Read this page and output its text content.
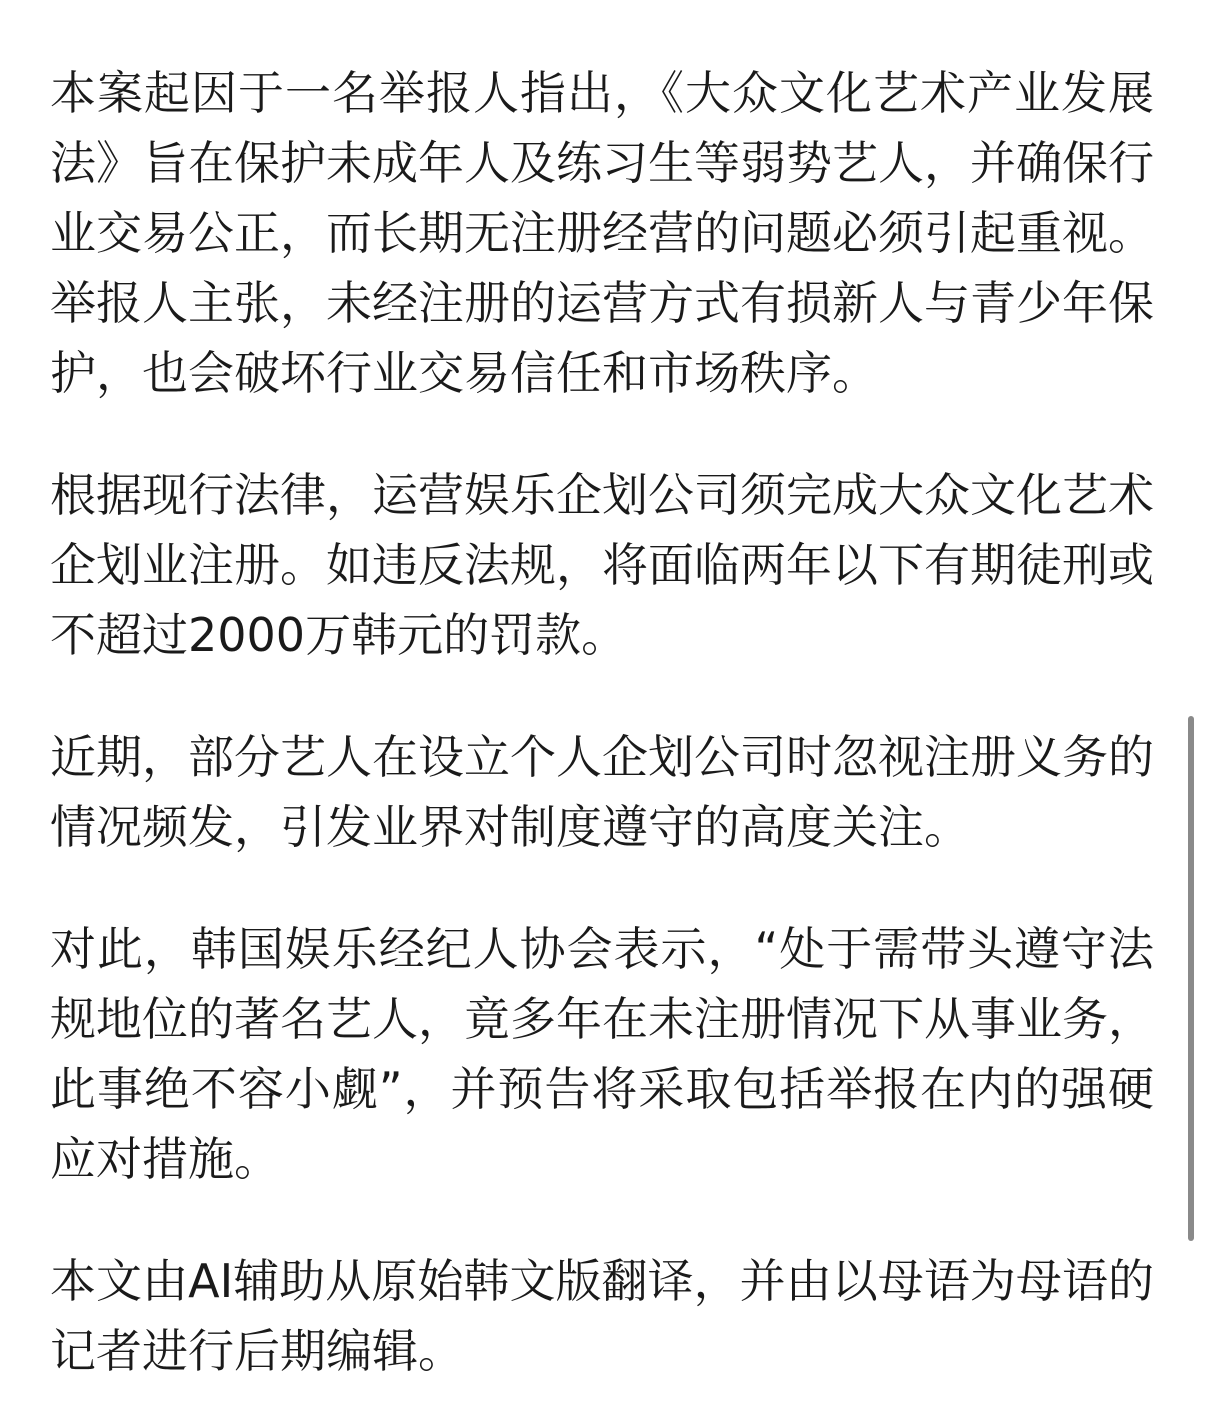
本案起因于一名举报人指出，《大众文化艺术产业发展法》旨在保护未成年人及练习生等弱势艺人，并确保行业交易公正，而长期无注册经营的问题必须引起重视。举报人主张，未经注册的运营方式有损新人与青少年保护，也会破坏行业交易信任和市场秩序。

根据现行法律，运营娱乐企划公司须完成大众文化艺术企划业注册。如违反法规，将面临两年以下有期徒刑或不超过2000万韩元的罚款。

近期，部分艺人在设立个人企划公司时忽视注册义务的情况频发，引发业界对制度遵守的高度关注。

对此，韩国娱乐经纪人协会表示，“处于需带头遵守法规地位的著名艺人，竟多年在未注册情况下从事业务，此事绝不容小觑”，并预告将采取包括举报在内的强硬应对措施。

本文由AI辅助从原始韩文版翻译，并由以母语为母语的记者进行后期编辑。
